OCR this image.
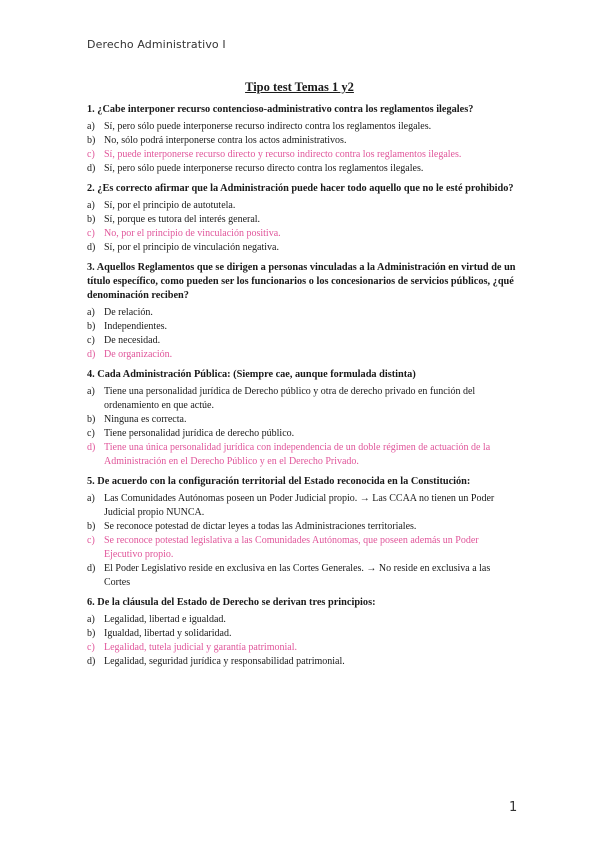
Derecho Administrativo I
Tipo test Temas 1 y2
1. ¿Cabe interponer recurso contencioso-administrativo contra los reglamentos ilegales?
a) Sí, pero sólo puede interponerse recurso indirecto contra los reglamentos ilegales.
b) No, sólo podrá interponerse contra los actos administrativos.
c) Sí, puede interponerse recurso directo y recurso indirecto contra los reglamentos ilegales.
d) Sí, pero sólo puede interponerse recurso directo contra los reglamentos ilegales.
2. ¿Es correcto afirmar que la Administración puede hacer todo aquello que no le esté prohibido?
a) Sí, por el principio de autotutela.
b) Sí, porque es tutora del interés general.
c) No, por el principio de vinculación positiva.
d) Sí, por el principio de vinculación negativa.
3. Aquellos Reglamentos que se dirigen a personas vinculadas a la Administración en virtud de un título específico, como pueden ser los funcionarios o los concesionarios de servicios públicos, ¿qué denominación reciben?
a) De relación.
b) Independientes.
c) De necesidad.
d) De organización.
4. Cada Administración Pública: (Siempre cae, aunque formulada distinta)
a) Tiene una personalidad jurídica de Derecho público y otra de derecho privado en función del ordenamiento en que actúe.
b) Ninguna es correcta.
c) Tiene personalidad jurídica de derecho público.
d) Tiene una única personalidad jurídica con independencia de un doble régimen de actuación de la Administración en el Derecho Público y en el Derecho Privado.
5. De acuerdo con la configuración territorial del Estado reconocida en la Constitución:
a) Las Comunidades Autónomas poseen un Poder Judicial propio. → Las CCAA no tienen un Poder Judicial propio NUNCA.
b) Se reconoce potestad de dictar leyes a todas las Administraciones territoriales.
c) Se reconoce potestad legislativa a las Comunidades Autónomas, que poseen además un Poder Ejecutivo propio.
d) El Poder Legislativo reside en exclusiva en las Cortes Generales. → No reside en exclusiva a las Cortes
6. De la cláusula del Estado de Derecho se derivan tres principios:
a) Legalidad, libertad e igualdad.
b) Igualdad, libertad y solidaridad.
c) Legalidad, tutela judicial y garantía patrimonial.
d) Legalidad, seguridad jurídica y responsabilidad patrimonial.
1
